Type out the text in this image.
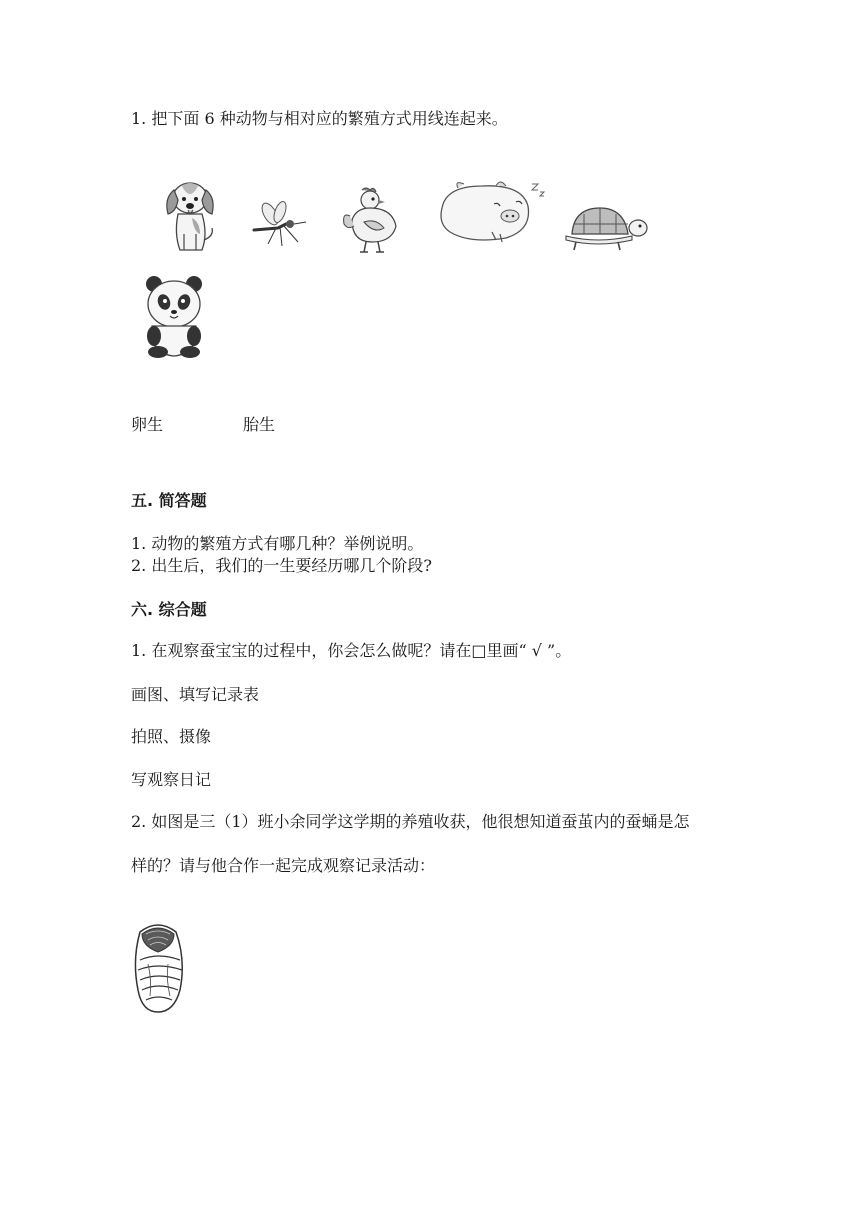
1. 把下面 6 种动物与相对应的繁殖方式用线连起来。
卵生	胎生
五. 简答题
1. 动物的繁殖方式有哪几种？举例说明。
2. 出生后，我们的一生要经历哪几个阶段?
六. 综合题
1. 在观察蚕宝宝的过程中，你会怎么做呢？请在□里画“ √ ”。
画图、填写记录表
拍照、摄像
写观察日记
2. 如图是三（1）班小余同学这学期的养殖收获，他很想知道蚕茧内的蚕蛹是怎
样的？请与他合作一起完成观察记录活动：
